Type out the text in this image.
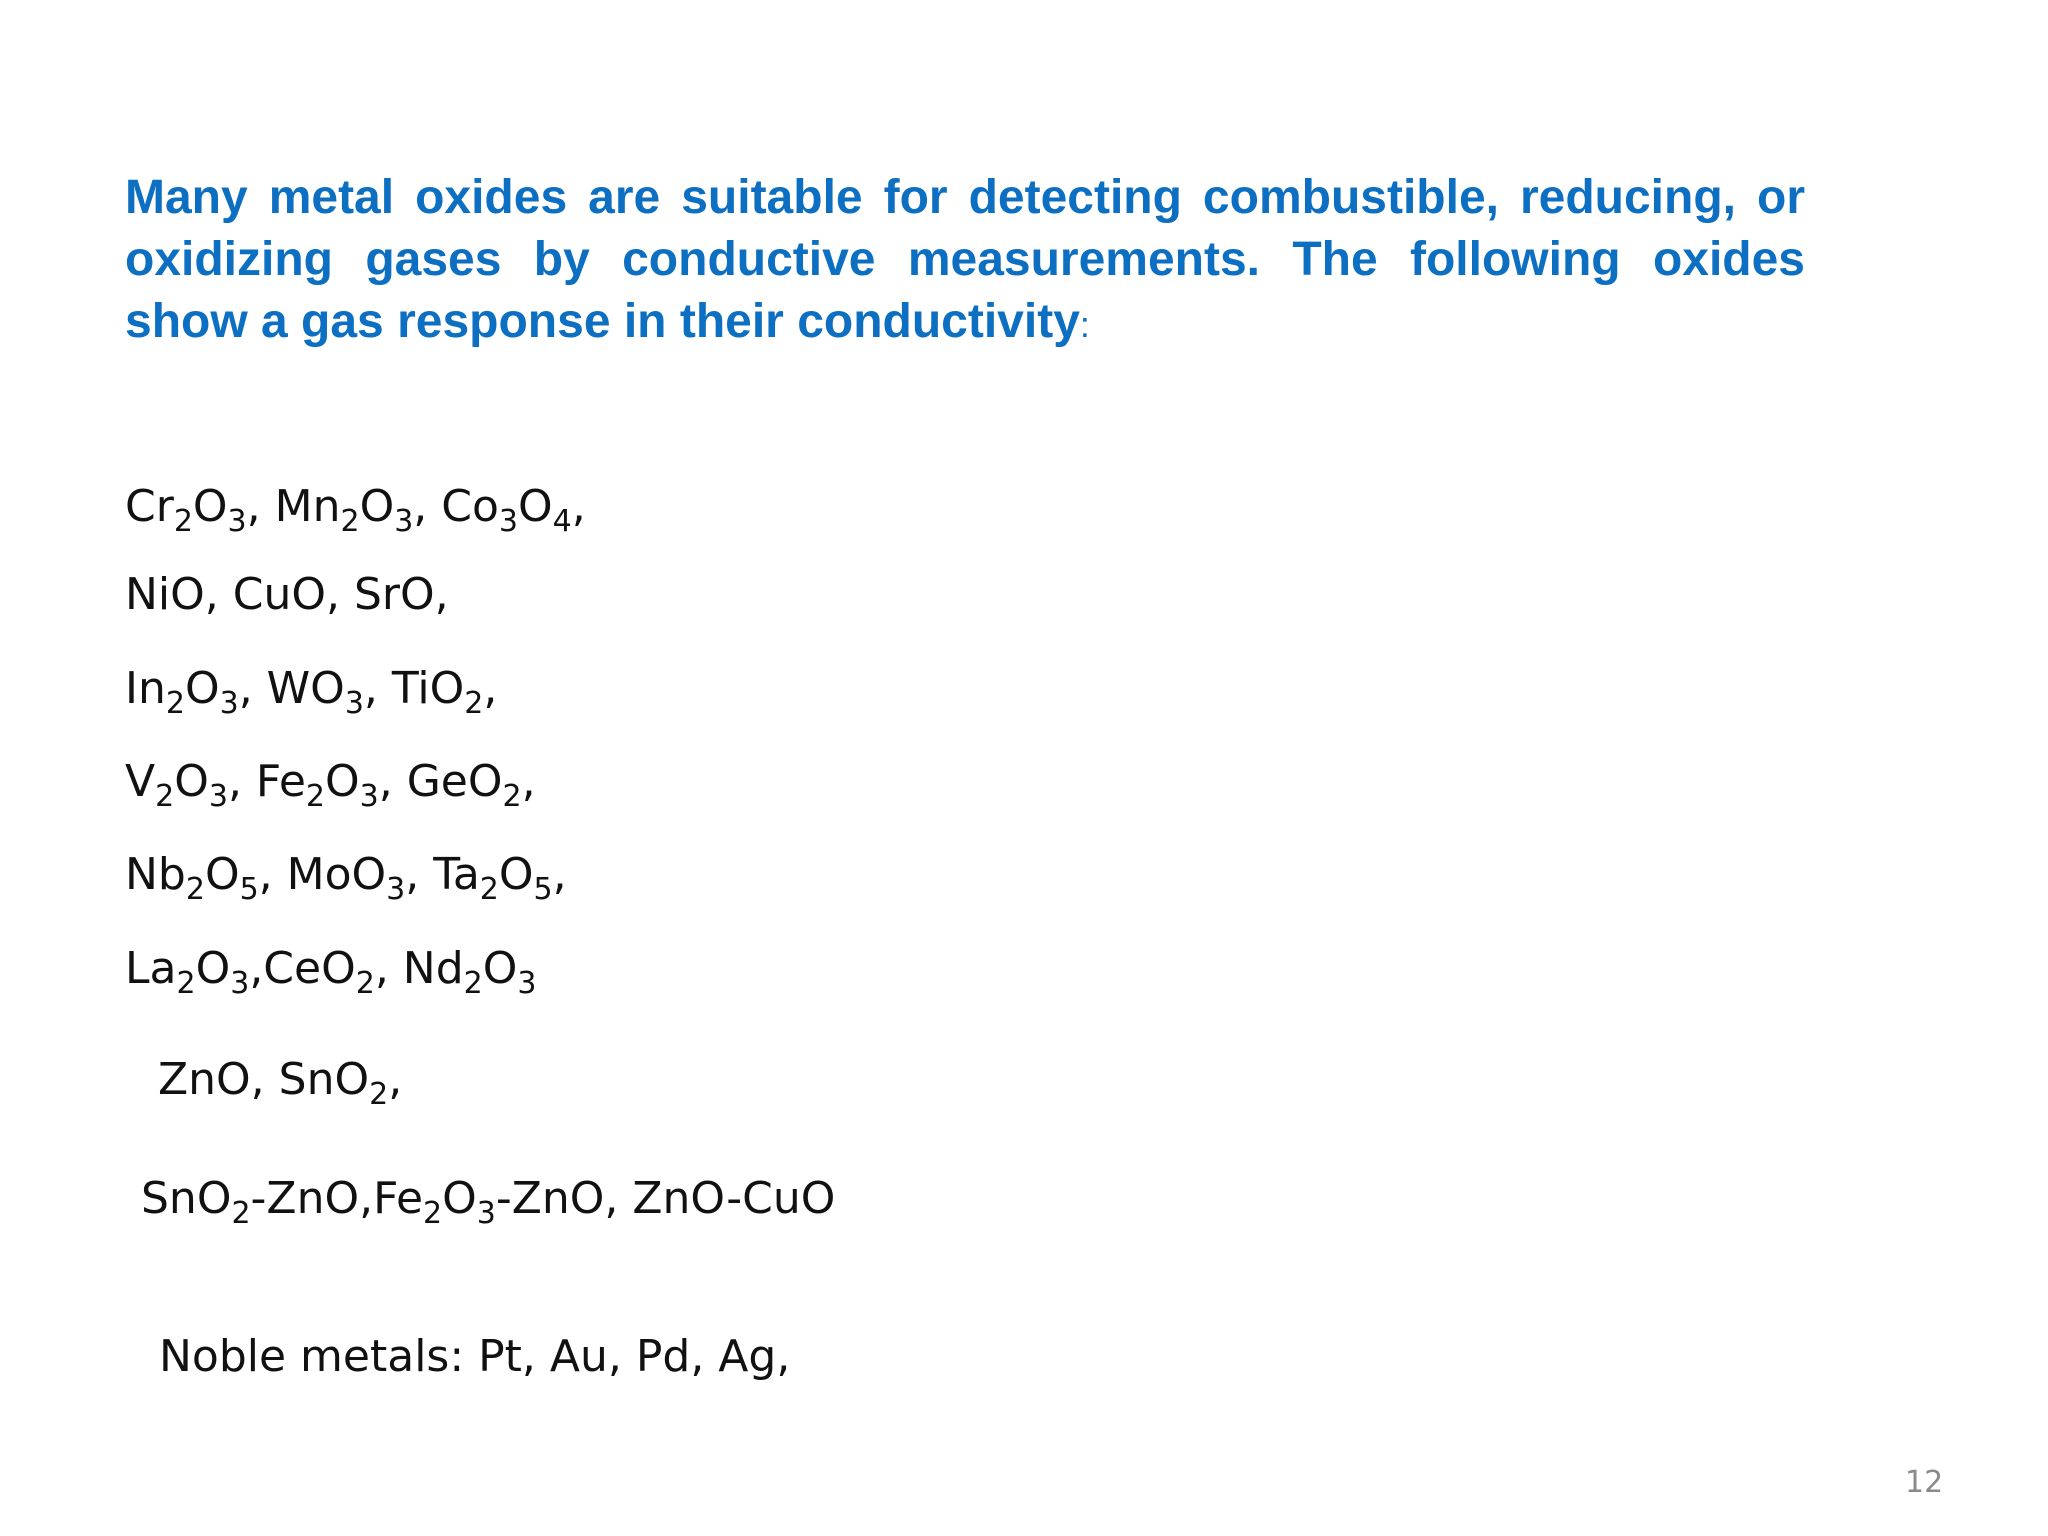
Many metal oxides are suitable for detecting combustible, reducing, or oxidizing gases by conductive measurements. The following oxides show a gas response in their conductivity:
$Cr_2O_3$, $Mn_2O_3$, $Co_3O_4$,
NiO, CuO, SrO,
$In_2O_3$, $WO_3$, TiO$_2$,
$V_2O_3$, $Fe_2O_3$, GeO$_2$,
$Nb_2O_5$, MoO$_3$, $Ta_2O_5$,
$La_2O_3,CeO_2$, $Nd_2O_3$
ZnO, SnO$_2$,
$SnO_2-ZnO,Fe_2O_3$-ZnO, ZnO-CuO
Noble metals: Pt, Au, Pd, Ag,
12
